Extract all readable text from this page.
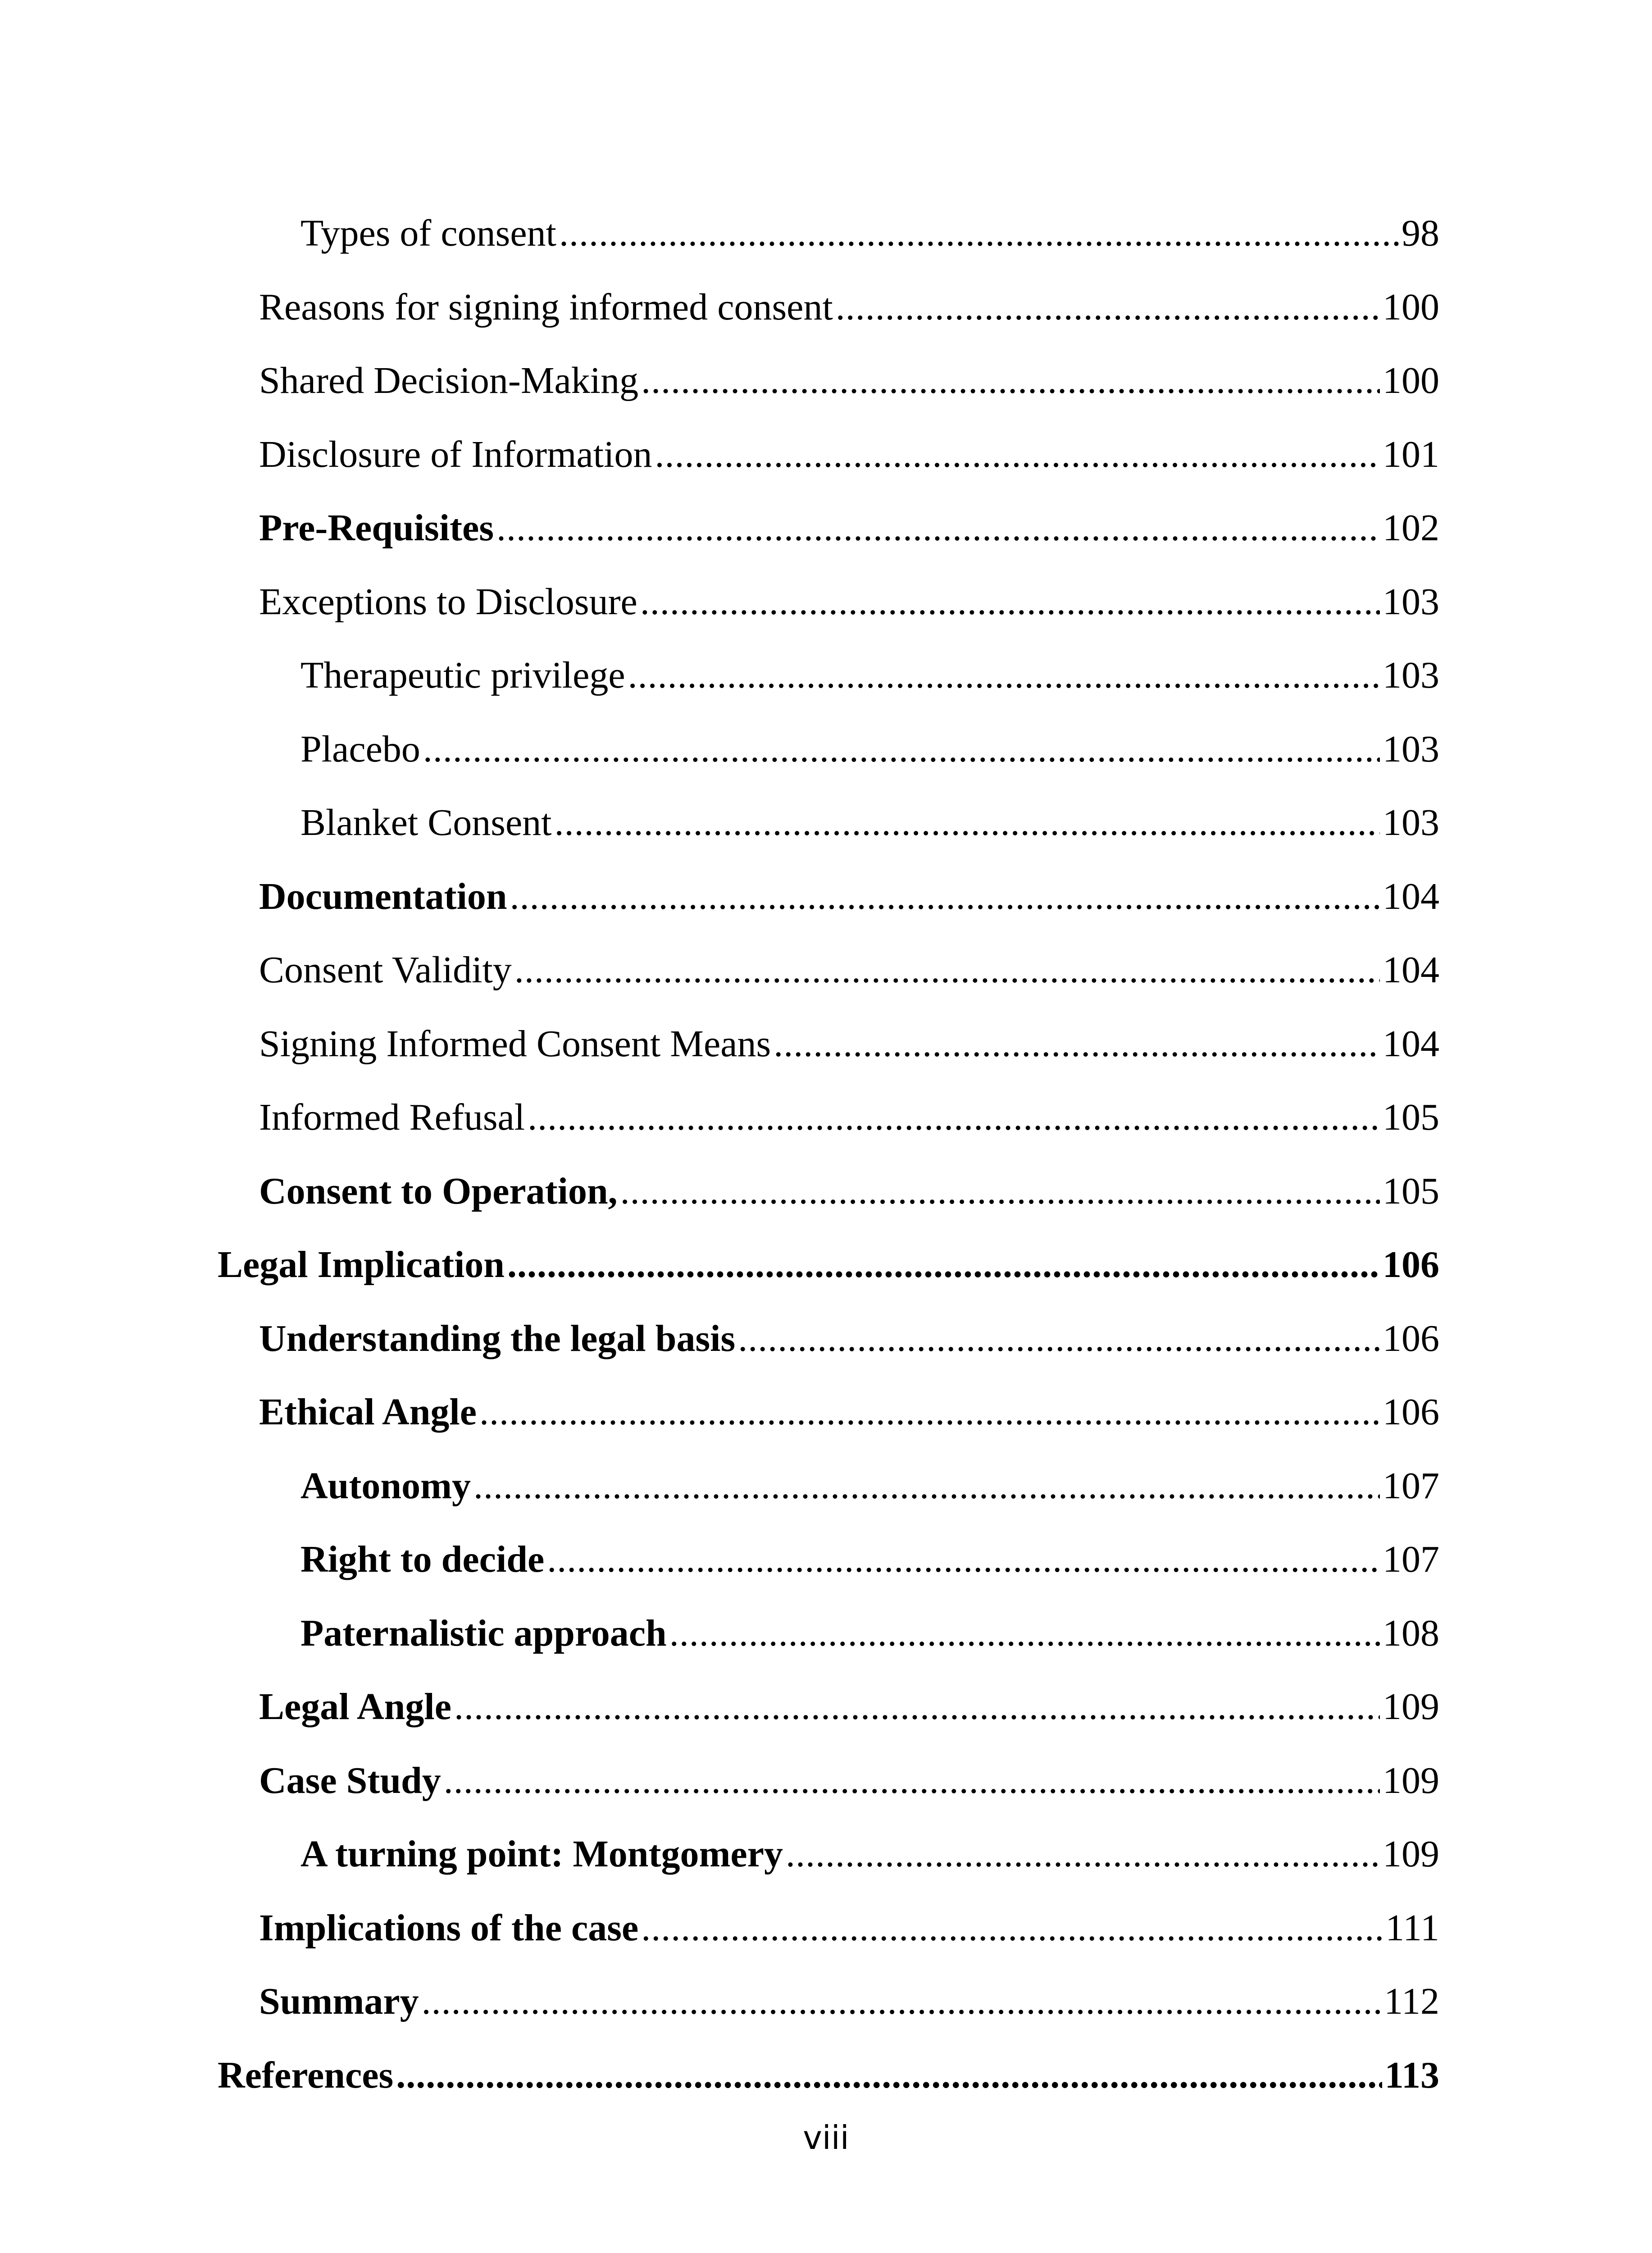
Types of consent .....	98
Reasons for signing informed consent .....	100
Shared Decision-Making .....	100
Disclosure of Information .....	101
Pre-Requisites .....	102
Exceptions to Disclosure .....	103
Therapeutic privilege .....	103
Placebo .....	103
Blanket Consent .....	103
Documentation .....	104
Consent Validity .....	104
Signing Informed Consent Means .....	104
Informed Refusal .....	105
Consent to Operation, .....	105
Legal Implication .....	106
Understanding the legal basis .....	106
Ethical Angle .....	106
Autonomy .....	107
Right to decide .....	107
Paternalistic approach .....	108
Legal Angle .....	109
Case Study .....	109
A turning point: Montgomery .....	109
Implications of the case .....	111
Summary .....	112
References .....	113
viii
